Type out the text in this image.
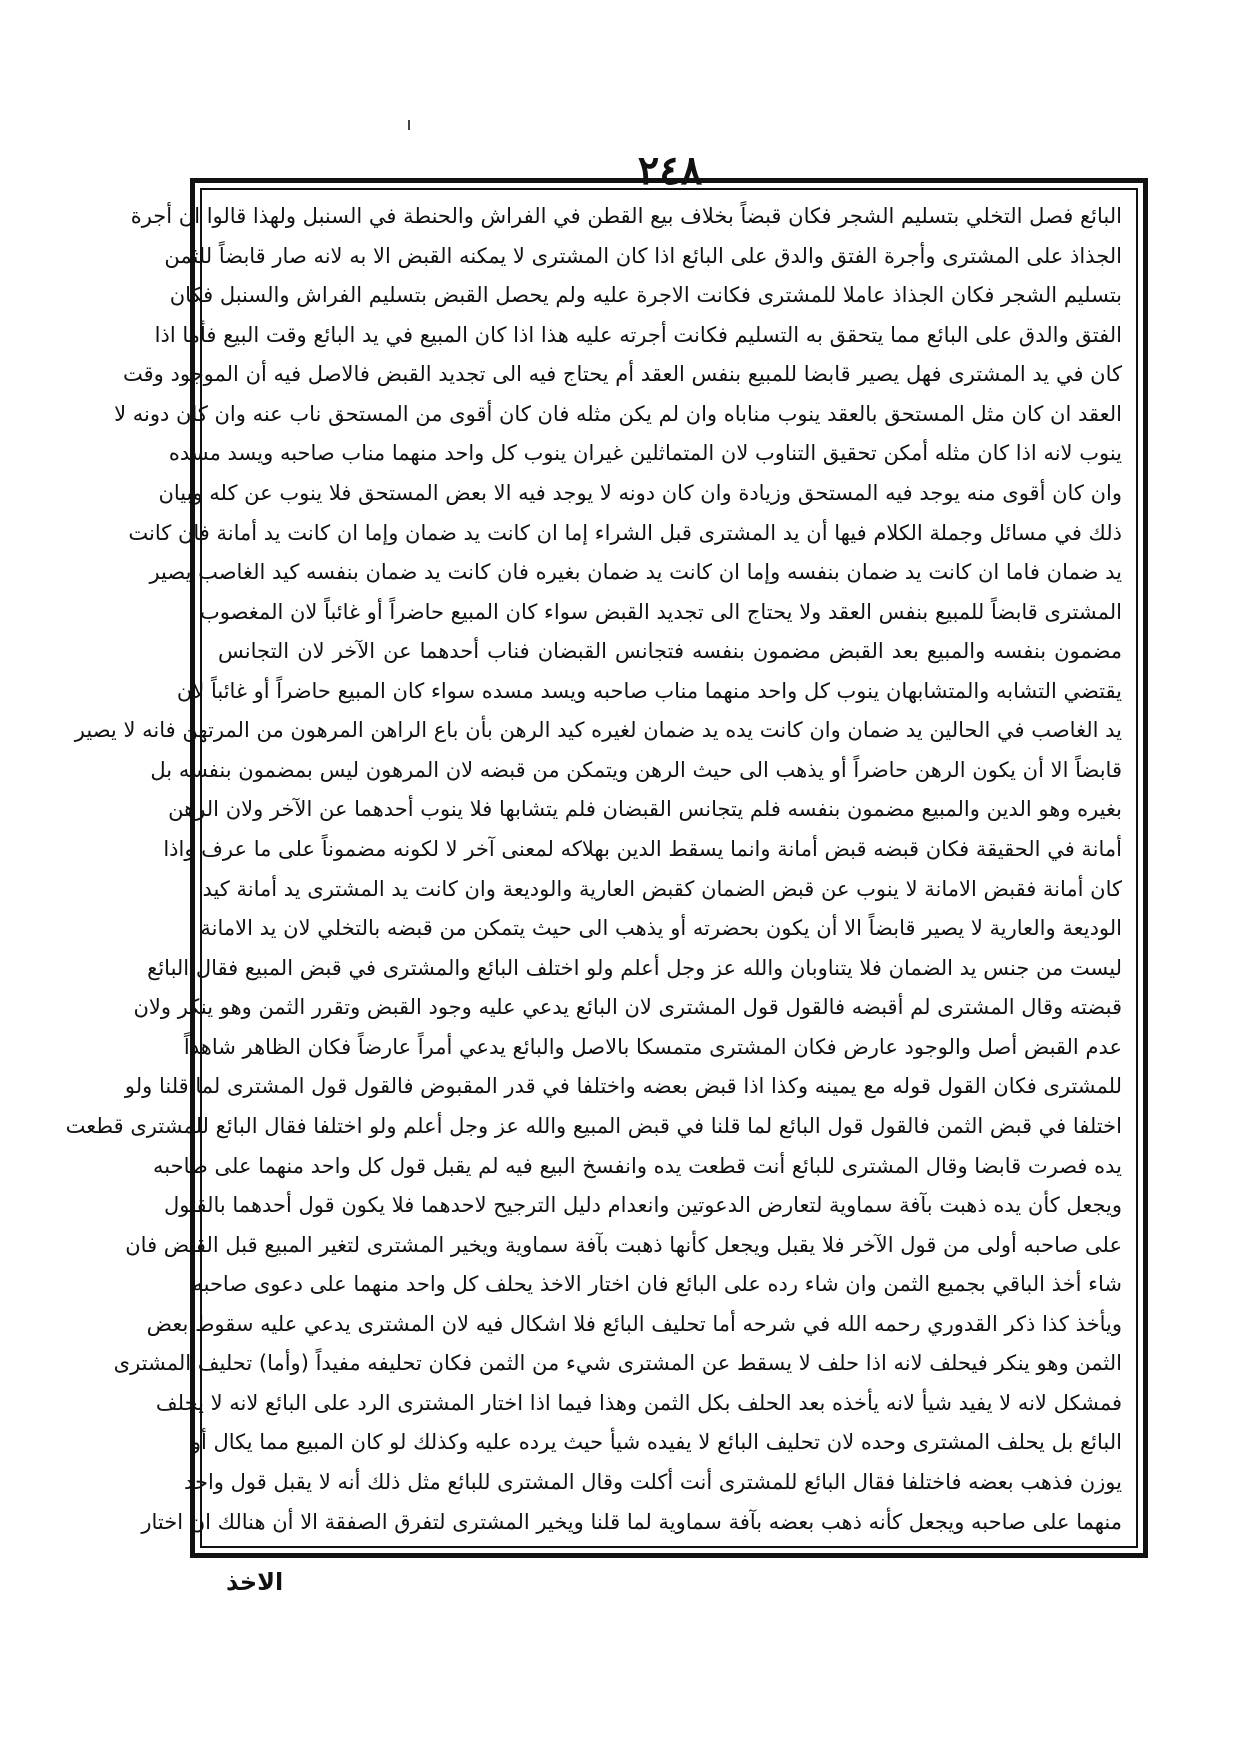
٢٤٨
البائع فصل التخلي بتسليم الشجر فكان قبضاً بخلاف بيع القطن في الفراش والحنطة في السنبل ولهذا قالوا ان أجرة
الجذاذ على المشترى وأجرة الفتق والدق على البائع اذا كان المشترى لا يمكنه القبض الا به لانه صار قابضاً للثمن
بتسليم الشجر فكان الجذاذ عاملا للمشترى فكانت الاجرة عليه ولم يحصل القبض بتسليم الفراش والسنبل فكان
الفتق والدق على البائع مما يتحقق به التسليم فكانت أجرته عليه هذا اذا كان المبيع في يد البائع وقت البيع فأما اذا
كان في يد المشترى فهل يصير قابضا للمبيع بنفس العقد أم يحتاج فيه الى تجديد القبض فالاصل فيه أن الموجود وقت
العقد ان كان مثل المستحق بالعقد ينوب مناباه وان لم يكن مثله فان كان أقوى من المستحق ناب عنه وان كان دونه لا
ينوب لانه اذا كان مثله أمكن تحقيق التناوب لان المتماثلين غيران ينوب كل واحد منهما مناب صاحبه ويسد مسده
وان كان أقوى منه يوجد فيه المستحق وزيادة وان كان دونه لا يوجد فيه الا بعض المستحق فلا ينوب عن كله وبيان
ذلك في مسائل وجملة الكلام فيها أن يد المشترى قبل الشراء إما ان كانت يد ضمان وإما ان كانت يد أمانة فان كانت
يد ضمان فاما ان كانت يد ضمان بنفسه وإما ان كانت يد ضمان بغيره فان كانت يد ضمان بنفسه كيد الغاصب يصير
المشترى قابضاً للمبيع بنفس العقد ولا يحتاج الى تجديد القبض سواء كان المبيع حاضراً أو غائباً لان المغصوب
مضمون بنفسه والمبيع بعد القبض مضمون بنفسه فتجانس القبضان فناب أحدهما عن الآخر لان التجانس
يقتضي التشابه والمتشابهان ينوب كل واحد منهما مناب صاحبه ويسد مسده سواء كان المبيع حاضراً أو غائباً لان
يد الغاصب في الحالين يد ضمان وان كانت يده يد ضمان لغيره كيد الرهن بأن باع الراهن المرهون من المرتهن فانه لا يصير
قابضاً الا أن يكون الرهن حاضراً أو يذهب الى حيث الرهن ويتمكن من قبضه لان المرهون ليس بمضمون بنفسه بل
بغيره وهو الدين والمبيع مضمون بنفسه فلم يتجانس القبضان فلم يتشابها فلا ينوب أحدهما عن الآخر ولان الرهن
أمانة في الحقيقة فكان قبضه قبض أمانة وانما يسقط الدين بهلاكه لمعنى آخر لا لكونه مضموناً على ما عرف واذا
كان أمانة فقبض الامانة لا ينوب عن قبض الضمان كقبض العارية والوديعة وان كانت يد المشترى يد أمانة كيد
الوديعة والعارية لا يصير قابضاً الا أن يكون بحضرته أو يذهب الى حيث يتمكن من قبضه بالتخلي لان يد الامانة
ليست من جنس يد الضمان فلا يتناوبان والله عز وجل أعلم ولو اختلف البائع والمشترى في قبض المبيع فقال البائع
قبضته وقال المشترى لم أقبضه فالقول قول المشترى لان البائع يدعي عليه وجود القبض وتقرر الثمن وهو ينكر ولان
عدم القبض أصل والوجود عارض فكان المشترى متمسكا بالاصل والبائع يدعي أمراً عارضاً فكان الظاهر شاهداً
للمشترى فكان القول قوله مع يمينه وكذا اذا قبض بعضه واختلفا في قدر المقبوض فالقول قول المشترى لما قلنا ولو
اختلفا في قبض الثمن فالقول قول البائع لما قلنا في قبض المبيع والله عز وجل أعلم ولو اختلفا فقال البائع للمشترى قطعت
يده فصرت قابضا وقال المشترى للبائع أنت قطعت يده وانفسخ البيع فيه لم يقبل قول كل واحد منهما على صاحبه
ويجعل كأن يده ذهبت بآفة سماوية لتعارض الدعوتين وانعدام دليل الترجيح لاحدهما فلا يكون قول أحدهما بالقبول
على صاحبه أولى من قول الآخر فلا يقبل ويجعل كأنها ذهبت بآفة سماوية ويخير المشترى لتغير المبيع قبل القبض فان
شاء أخذ الباقي بجميع الثمن وان شاء رده على البائع فان اختار الاخذ يحلف كل واحد منهما على دعوى صاحبه
ويأخذ كذا ذكر القدوري رحمه الله في شرحه أما تحليف البائع فلا اشكال فيه لان المشترى يدعي عليه سقوط بعض
الثمن وهو ينكر فيحلف لانه اذا حلف لا يسقط عن المشترى شيء من الثمن فكان تحليفه مفيداً (وأما) تحليف المشترى
فمشكل لانه لا يفيد شيأ لانه يأخذه بعد الحلف بكل الثمن وهذا فيما اذا اختار المشترى الرد على البائع لانه لا يحلف
البائع بل يحلف المشترى وحده لان تحليف البائع لا يفيده شيأ حيث يرده عليه وكذلك لو كان المبيع مما يكال أو
يوزن فذهب بعضه فاختلفا فقال البائع للمشترى أنت أكلت وقال المشترى للبائع مثل ذلك أنه لا يقبل قول واحد
منهما على صاحبه ويجعل كأنه ذهب بعضه بآفة سماوية لما قلنا ويخير المشترى لتفرق الصفقة الا أن هنالك ان اختار
الاخذ
